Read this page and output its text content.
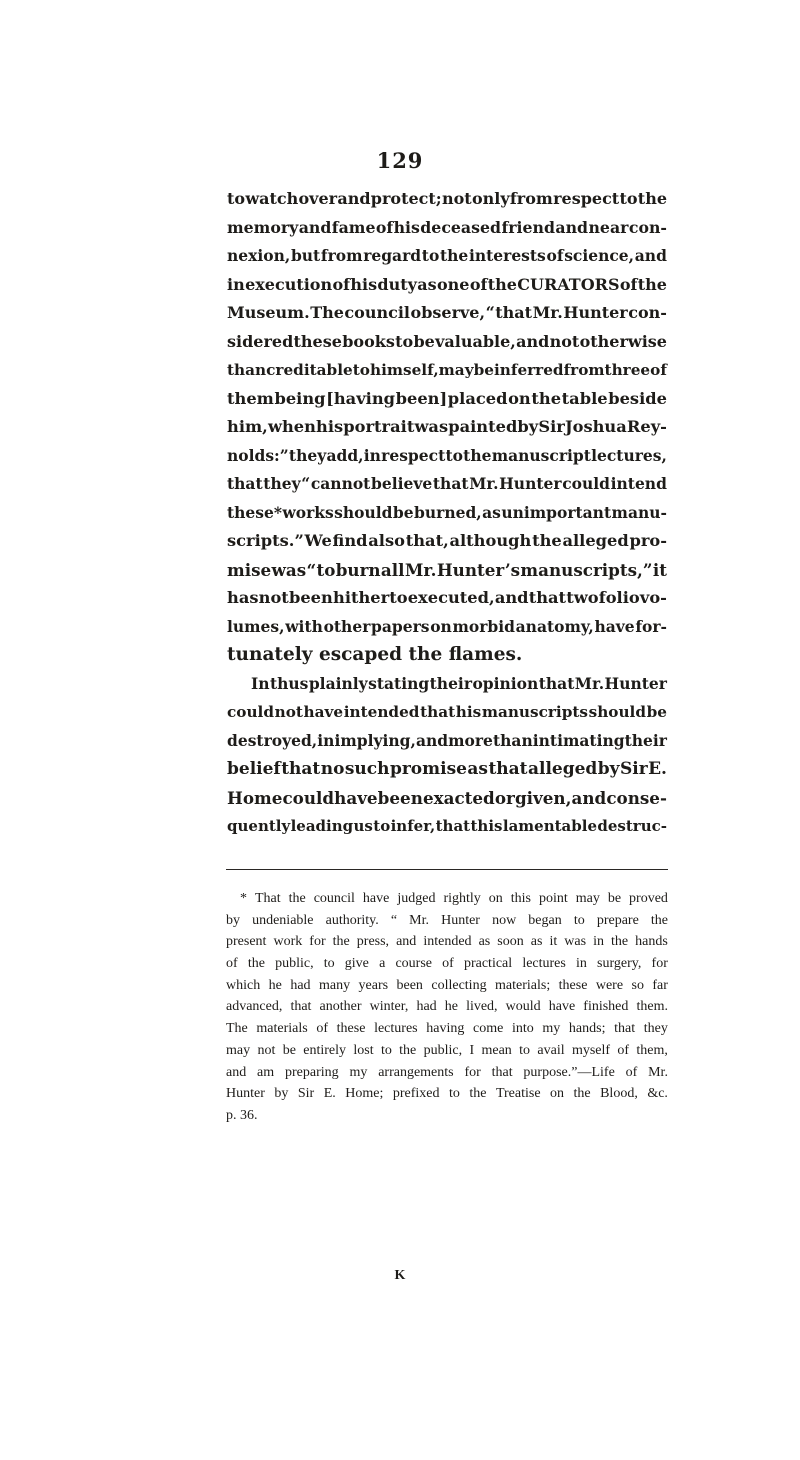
129
to watch over and protect; not only from respect to the
memory and fame of his deceased friend and near con-
nexion, but from regard to the interests of science, and
in execution of his duty as one of the CURATORS of the
Museum. The council observe, “ that Mr. Hunter con-
sidered these books to be valuable, and not otherwise
than creditable to himself, may be inferred from three of
them being [having been] placed on the table beside
him, when his portrait was painted by Sir Joshua Rey-
nolds:” they add, in respect to the manuscript lectures,
that they “ cannot believe that Mr. Hunter could intend
these* works should be burned, as unimportant manu-
scripts.” We find also that, although the alleged pro-
mise was “ to burn all Mr. Hunter’s manuscripts,” it
has not been hitherto executed, and that two folio vo-
lumes, with other papers on morbid anatomy, have for-
tunately escaped the flames.
In thus plainly stating their opinion that Mr. Hunter
could not have intended that his manuscripts should be
destroyed, in implying, and more than intimating their
belief that no such promise as that alleged by Sir E.
Home could have been exacted or given, and conse-
quently leading us to infer, that this lamentable destruc-
* That the council have judged rightly on this point may be proved
by undeniable authority. “ Mr. Hunter now began to prepare the
present work for the press, and intended as soon as it was in the hands
of the public, to give a course of practical lectures in surgery, for
which he had many years been collecting materials; these were so far
advanced, that another winter, had he lived, would have finished them.
The materials of these lectures having come into my hands; that they
may not be entirely lost to the public, I mean to avail myself of them,
and am preparing my arrangements for that purpose.”—Life of Mr.
Hunter by Sir E. Home; prefixed to the Treatise on the Blood, &c.
p. 36.
K
